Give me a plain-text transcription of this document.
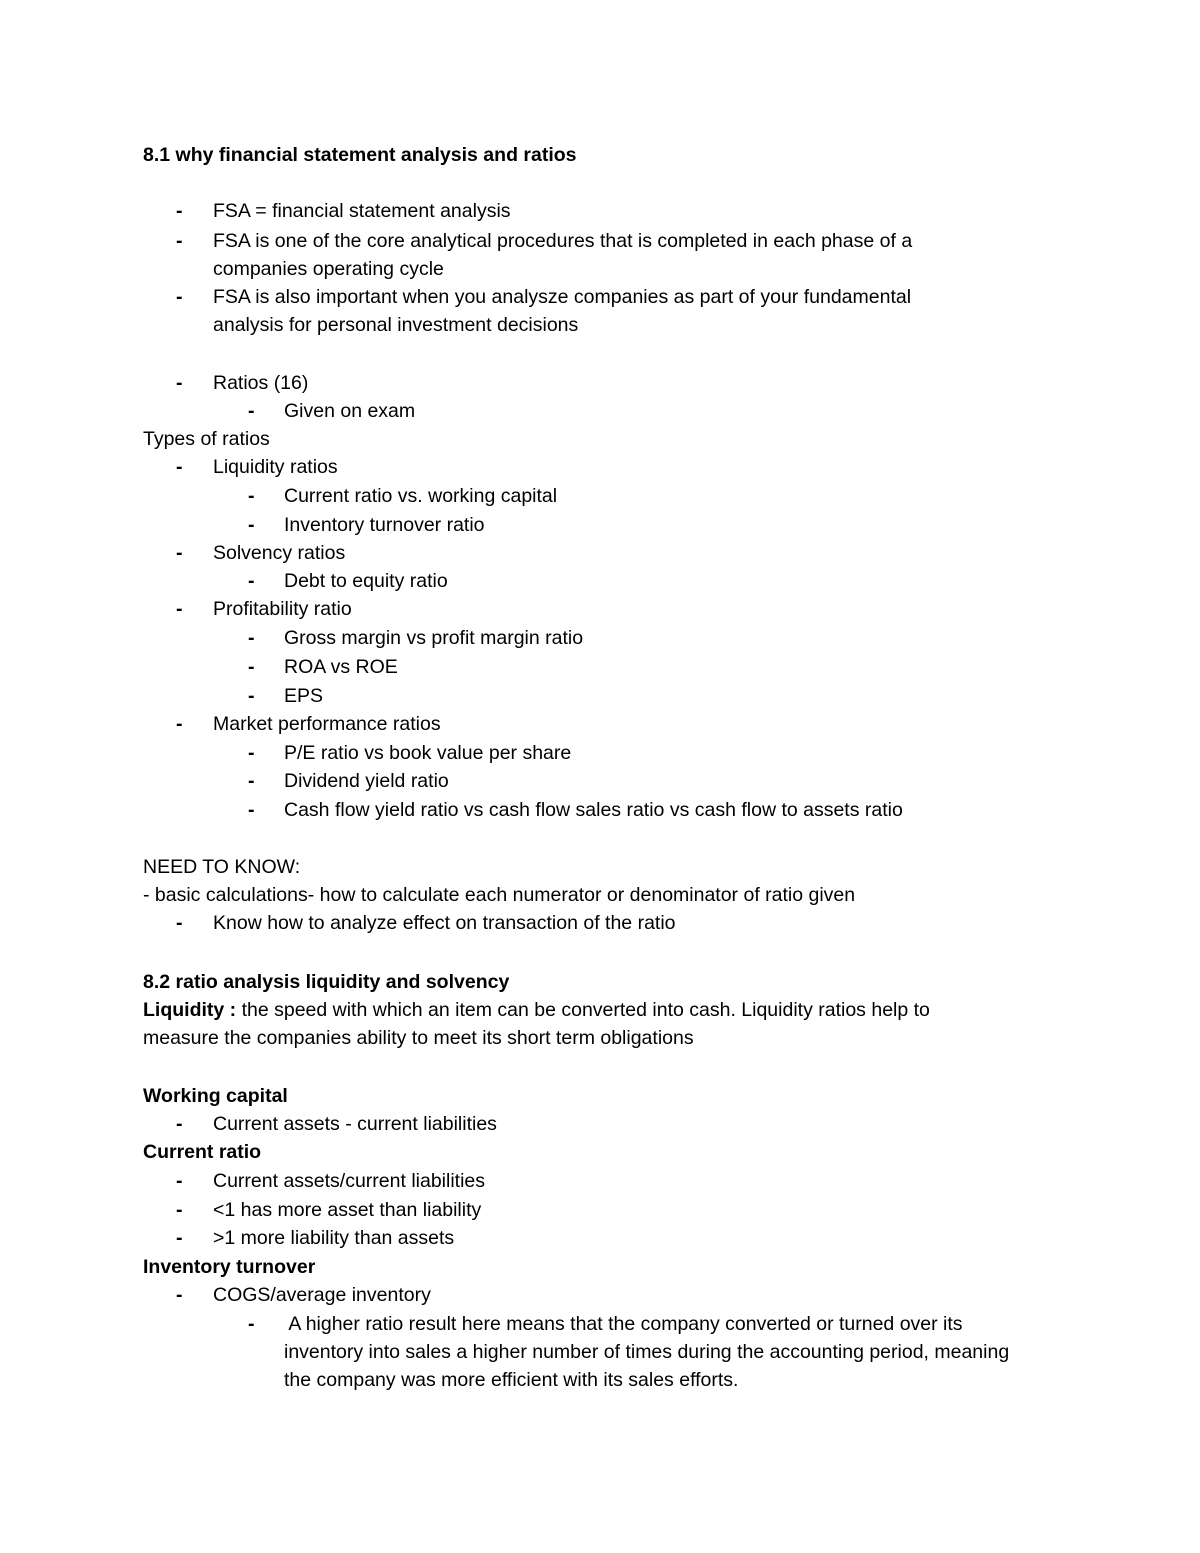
8.1 why financial statement analysis and ratios
- FSA = financial statement analysis
- FSA is one of the core analytical procedures that is completed in each phase of a
companies operating cycle
- FSA is also important when you analysze companies as part of your fundamental
analysis for personal investment decisions
- Ratios (16)
- Given on exam
Types of ratios
- Liquidity ratios
- Current ratio vs. working capital
- Inventory turnover ratio
- Solvency ratios
- Debt to equity ratio
- Profitability ratio
- Gross margin vs profit margin ratio
- ROA vs ROE
- EPS
- Market performance ratios
- P/E ratio vs book value per share
- Dividend yield ratio
- Cash flow yield ratio vs cash flow sales ratio vs cash flow to assets ratio
NEED TO KNOW:
- basic calculations- how to calculate each numerator or denominator of ratio given
- Know how to analyze effect on transaction of the ratio
8.2 ratio analysis liquidity and solvency
Liquidity : the speed with which an item can be converted into cash. Liquidity ratios help to
measure the companies ability to meet its short term obligations
Working capital
- Current assets - current liabilities
Current ratio
- Current assets/current liabilities
- <1 has more asset than liability
- >1 more liability than assets
Inventory turnover
- COGS/average inventory
- A higher ratio result here means that the company converted or turned over its
inventory into sales a higher number of times during the accounting period, meaning
the company was more efficient with its sales efforts.
